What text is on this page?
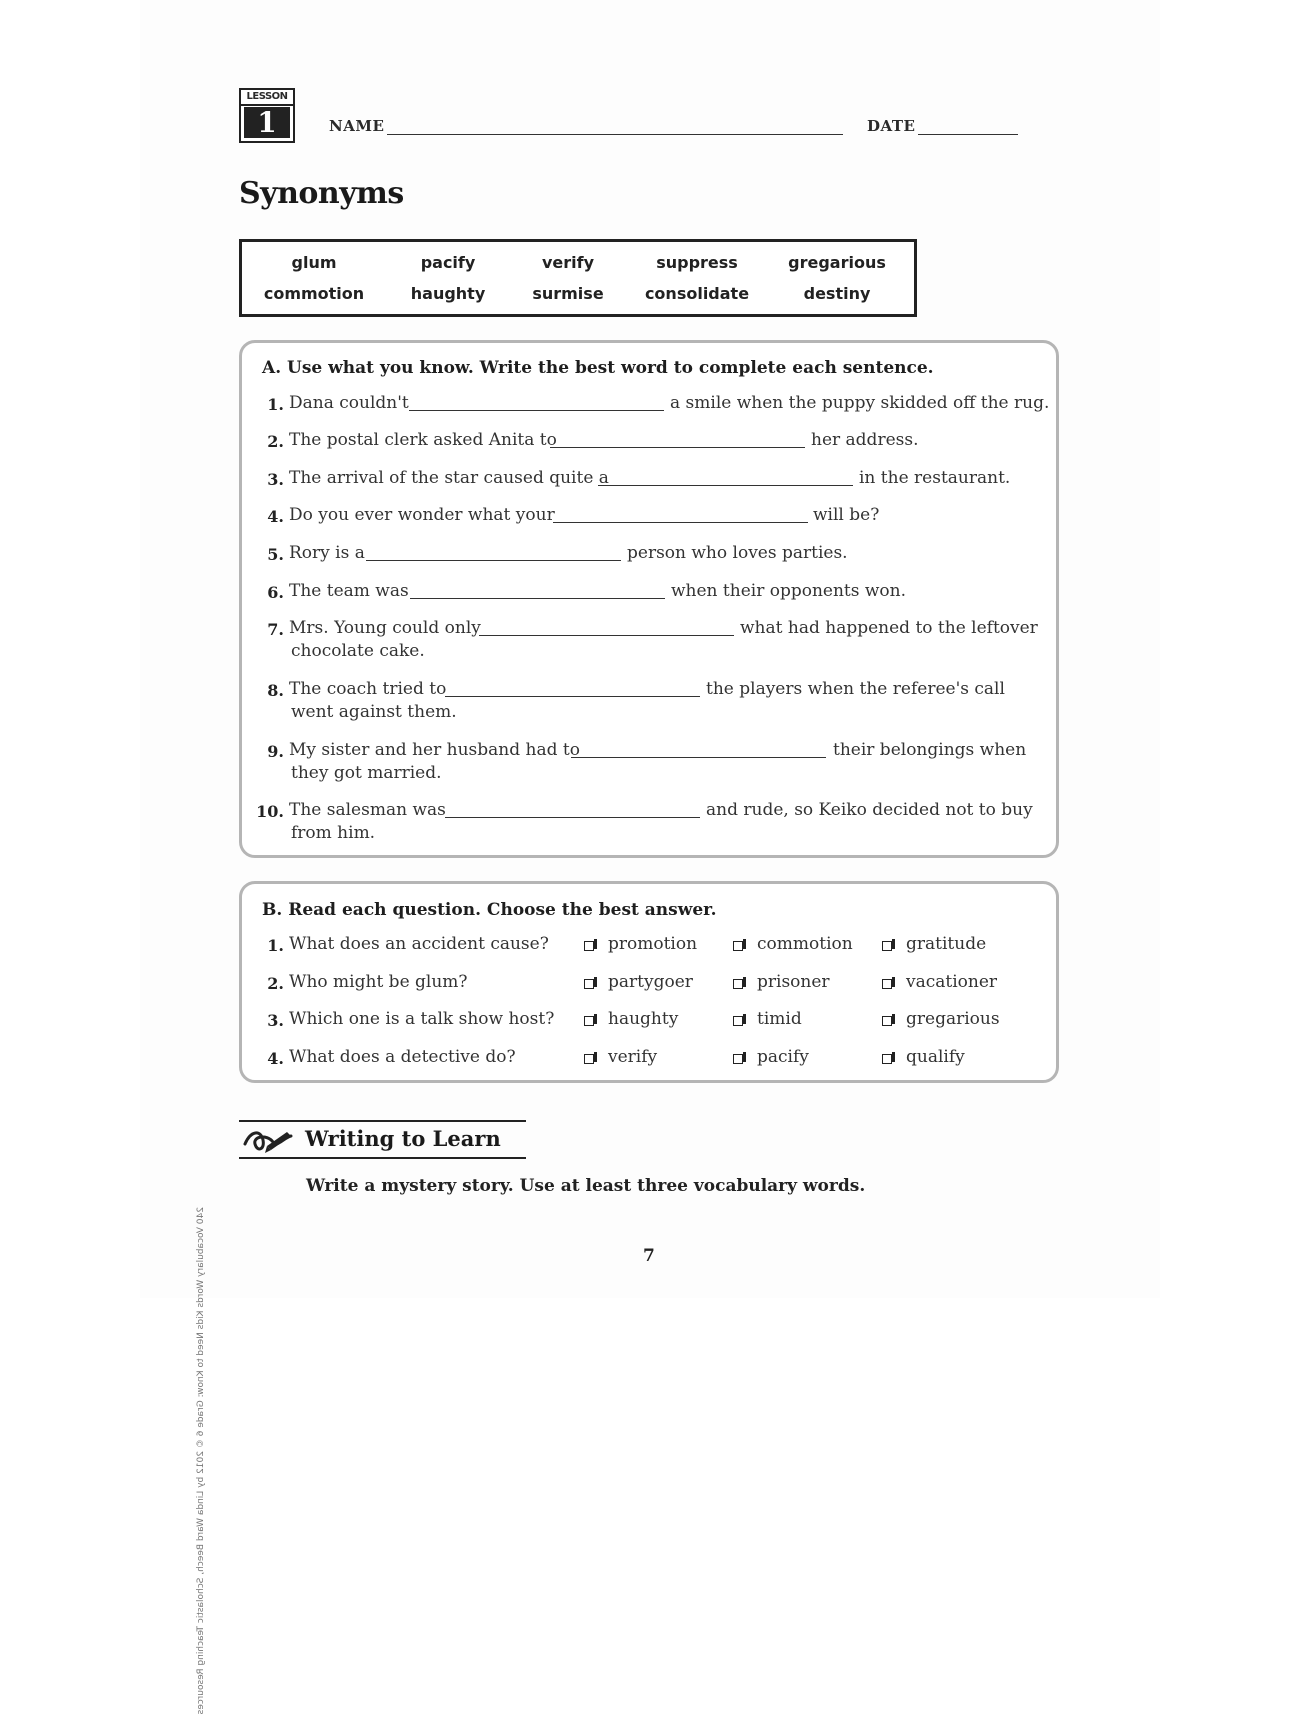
LESSON
1	NAME	DATE
Synonyms
glum	pacify	verify	suppress	gregarious
commotion	haughty	surmise	consolidate	destiny
A. Use what you know. Write the best word to complete each sentence.
1. Dana couldn't	a smile when the puppy skidded off the rug.
2. The postal clerk asked Anita to	her address.
3. The arrival of the star caused quite a	in the restaurant.
4. Do you ever wonder what your	will be?
5. Rory is a	person who loves parties.
6. The team was	when their opponents won.
7. Mrs. Young could only	what had happened to the leftover
chocolate cake.
8. The coach tried to	the players when the referee's call
went against them.
9. My sister and her husband had to	their belongings when
they got married.
10. The salesman was	and rude, so Keiko decided not to buy
from him.
B. Read each question. Choose the best answer.
1. What does an accident cause?	promotion	commotion	gratitude
2. Who might be glum?	partygoer	prisoner	vacationer
3. Which one is a talk show host?	haughty	timid	gregarious
4. What does a detective do?	verify	pacify	qualify
Writing to Learn
Write a mystery story. Use at least three vocabulary words.
240 Vocabulary Words Kids Need to Know: Grade 6 © 2012 by Linda Ward Beech, Scholastic Teaching Resources	7
